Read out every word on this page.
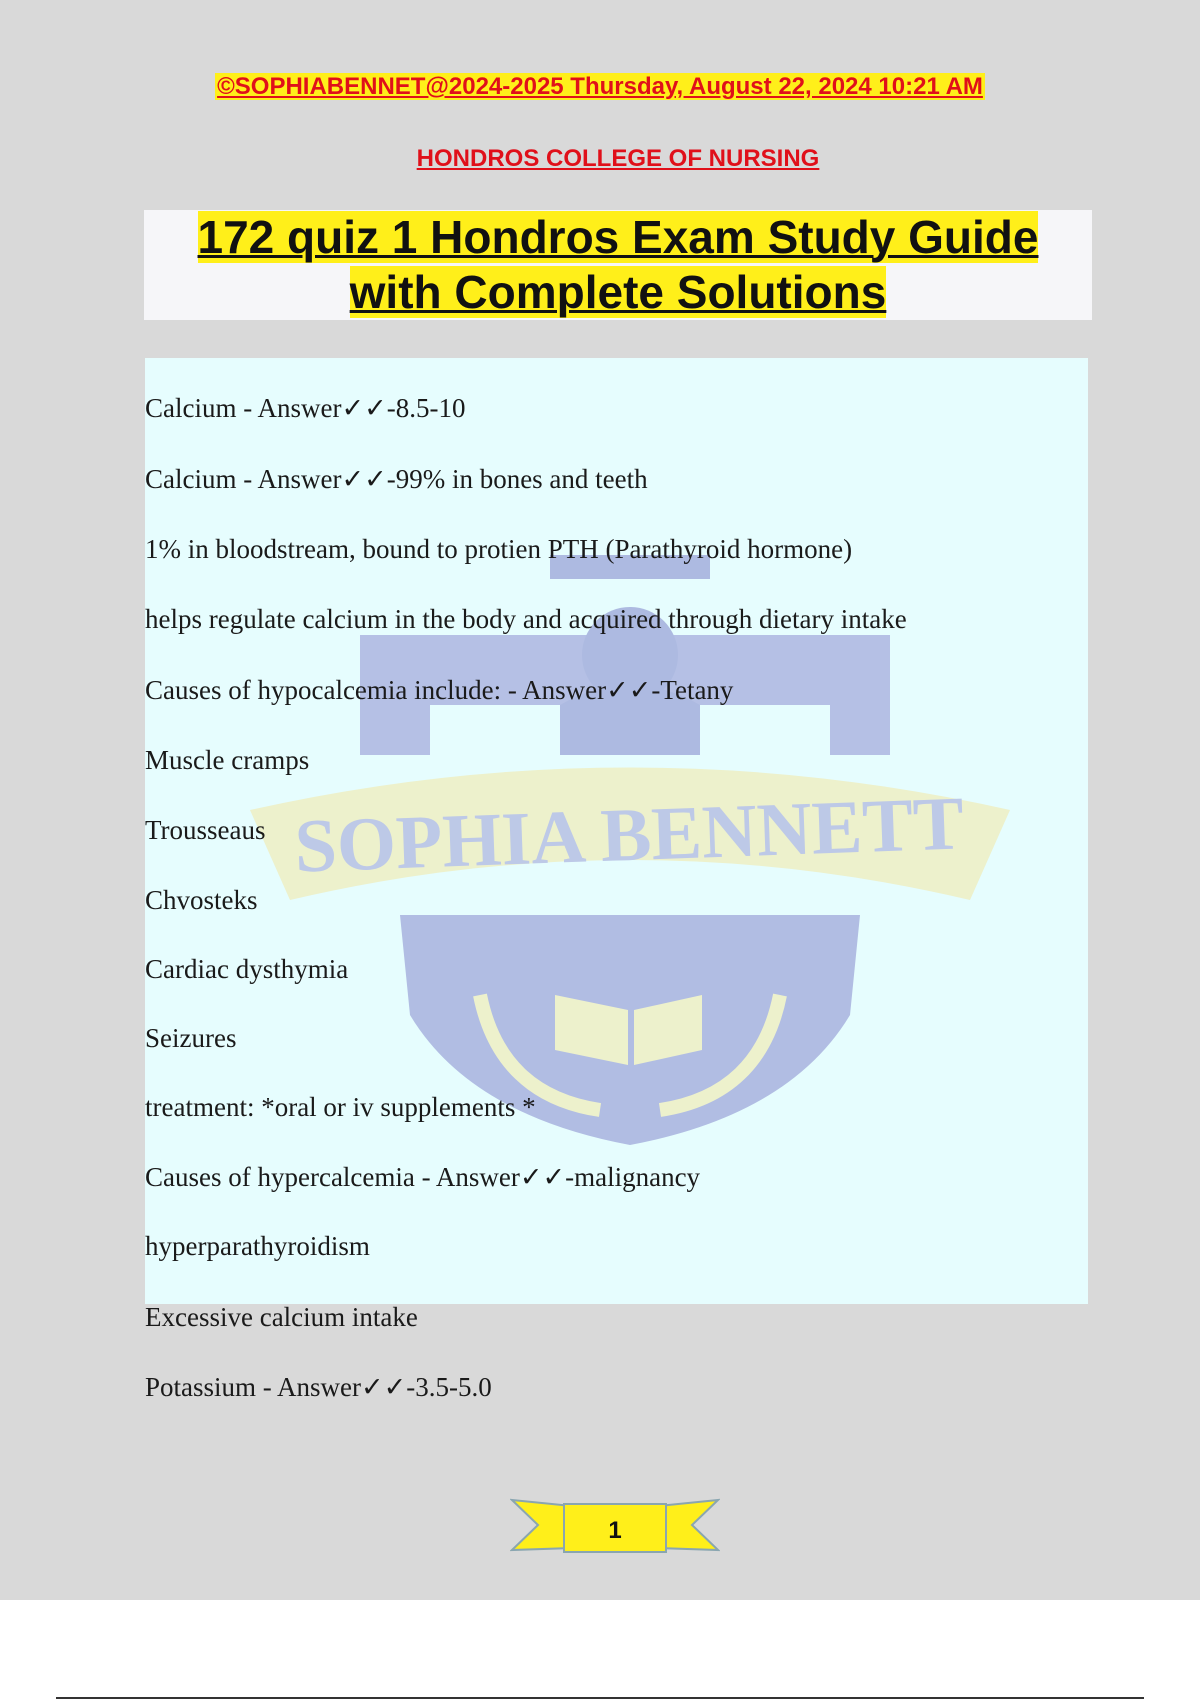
©SOPHIABENNET@2024-2025 Thursday, August 22, 2024 10:21 AM
HONDROS COLLEGE OF NURSING
172 quiz 1 Hondros Exam Study Guide
with Complete Solutions
SOPHIA BENNETT
Calcium - Answer✓✓-8.5-10
Calcium - Answer✓✓-99% in bones and teeth
1% in bloodstream, bound to protien PTH (Parathyroid hormone)
helps regulate calcium in the body and acquired through dietary intake
Causes of hypocalcemia include: - Answer✓✓-Tetany
Muscle cramps
Trousseaus
Chvosteks
Cardiac dysthymia
Seizures
treatment: *oral or iv supplements *
Causes of hypercalcemia - Answer✓✓-malignancy
hyperparathyroidism
Excessive calcium intake
Potassium - Answer✓✓-3.5-5.0
1
